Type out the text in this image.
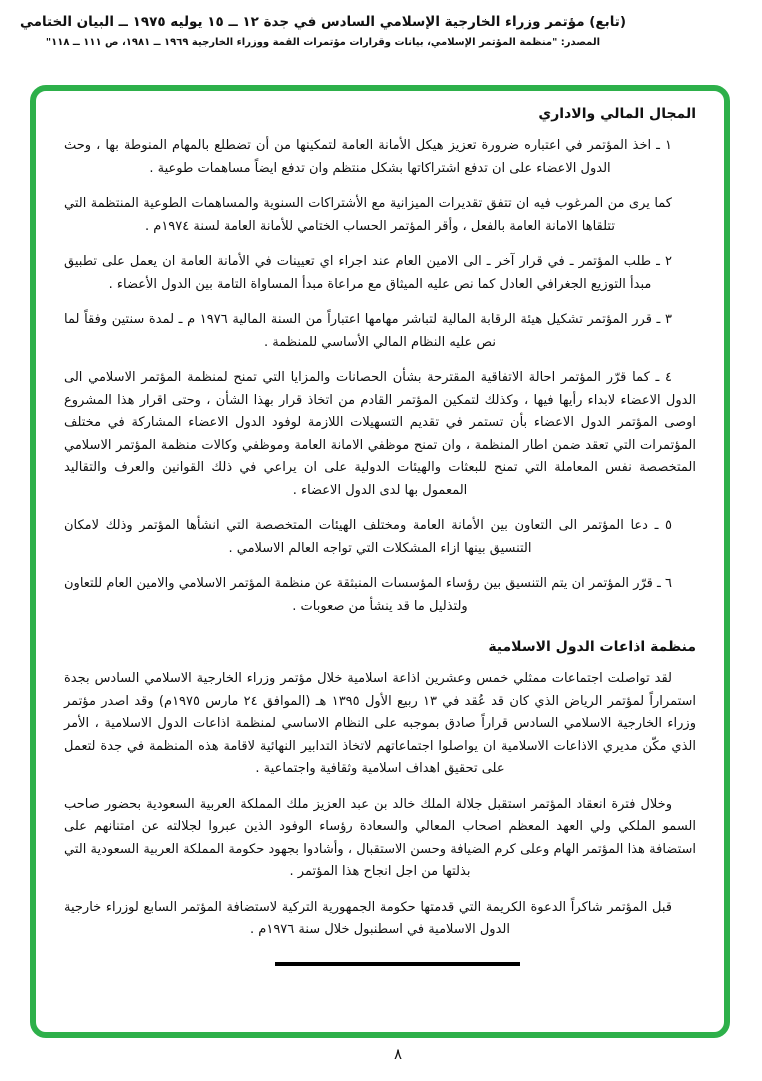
(تابع) مؤتمر وزراء الخارجية الإسلامي السادس في جدة ١٢ ــ ١٥ يوليه ١٩٧٥ ــ البيان الختامي
المصدر: "منظمة المؤتمر الإسلامي، بيانات وقرارات مؤتمرات القمة ووزراء الخارجية ١٩٦٩ ــ ١٩٨١، ص ١١١ ــ ١١٨"
المجال المالي والاداري

١ ـ اخذ المؤتمر في اعتباره ضرورة تعزيز هيكل الأمانة العامة لتمكينها من أن تضطلع بالمهام المنوطة بها ، وحث الدول الاعضاء على ان تدفع اشتراكاتها بشكل منتظم وان تدفع ايضاً مساهمات طوعية .

كما يرى من المرغوب فيه ان تتفق تقديرات الميزانية مع الأشتراكات السنوية والمساهمات الطوعية المنتظمة التي تتلقاها الامانة العامة بالفعل ، وأقر المؤتمر الحساب الختامي للأمانة العامة لسنة ١٩٧٤م .

٢ ـ طلب المؤتمر ـ في قرار آخر ـ الى الامين العام عند اجراء اي تعيينات في الأمانة العامة ان يعمل على تطبيق مبدأ التوزيع الجغرافي العادل كما نص عليه الميثاق مع مراعاة مبدأ المساواة التامة بين الدول الأعضاء .

٣ ـ قرر المؤتمر تشكيل هيئة الرقابة المالية لتباشر مهامها اعتباراً من السنة المالية ١٩٧٦ م ـ لمدة سنتين وفقاً لما نص عليه النظام المالي الأساسي للمنظمة .

٤ ـ كما قرّر المؤتمر احالة الاتفاقية المقترحة بشأن الحصانات والمزايا التي تمنح لمنظمة المؤتمر الاسلامي الى الدول الاعضاء لابداء رأيها فيها ، وكذلك لتمكين المؤتمر القادم من اتخاذ قرار بهذا الشأن ، وحتى اقرار هذا المشروع اوصى المؤتمر الدول الاعضاء بأن تستمر في تقديم التسهيلات اللازمة لوفود الدول الاعضاء المشاركة في مختلف المؤتمرات التي تعقد ضمن اطار المنظمة ، وان تمنح موظفي الامانة العامة وموظفي وكالات منظمة المؤتمر الاسلامي المتخصصة نفس المعاملة التي تمنح للبعثات والهيئات الدولية على ان يراعي في ذلك القوانين والعرف والتقاليد المعمول بها لدى الدول الاعضاء .

٥ ـ دعا المؤتمر الى التعاون بين الأمانة العامة ومختلف الهيئات المتخصصة التي انشأها المؤتمر وذلك لامكان التنسيق بينها ازاء المشكلات التي تواجه العالم الاسلامي .

٦ ـ قرّر المؤتمر ان يتم التنسيق بين رؤساء المؤسسات المنبثقة عن منظمة المؤتمر الاسلامي والامين العام للتعاون ولتذليل ما قد ينشأ من صعوبات .

منظمة اذاعات الدول الاسلامية

لقد تواصلت اجتماعات ممثلي خمس وعشرين اذاعة اسلامية خلال مؤتمر وزراء الخارجية الاسلامي السادس بجدة استمراراً لمؤتمر الرياض الذي كان قد عُقد في ١٣ ربيع الأول ١٣٩٥ هـ (الموافق ٢٤ مارس ١٩٧٥م) وقد اصدر مؤتمر وزراء الخارجية الاسلامي السادس قراراً صادق بموجبه على النظام الاساسي لمنظمة اذاعات الدول الاسلامية ، الأمر الذي مكّن مديري الاذاعات الاسلامية ان يواصلوا اجتماعاتهم لاتخاذ التدابير النهائية لاقامة هذه المنظمة في جدة لتعمل على تحقيق اهداف اسلامية وثقافية واجتماعية .

وخلال فترة انعقاد المؤتمر استقبل جلالة الملك خالد بن عبد العزيز ملك المملكة العربية السعودية بحضور صاحب السمو الملكي ولي العهد المعظم اصحاب المعالي والسعادة رؤساء الوفود الذين عبروا لجلالته عن امتنانهم على استضافة هذا المؤتمر الهام وعلى كرم الضيافة وحسن الاستقبال ، وأشادوا بجهود حكومة المملكة العربية السعودية التي بذلتها من اجل انجاح هذا المؤتمر .

قبل المؤتمر شاكراً الدعوة الكريمة التي قدمتها حكومة الجمهورية التركية لاستضافة المؤتمر السابع لوزراء خارجية الدول الاسلامية في اسطنبول خلال سنة ١٩٧٦م .

٨
